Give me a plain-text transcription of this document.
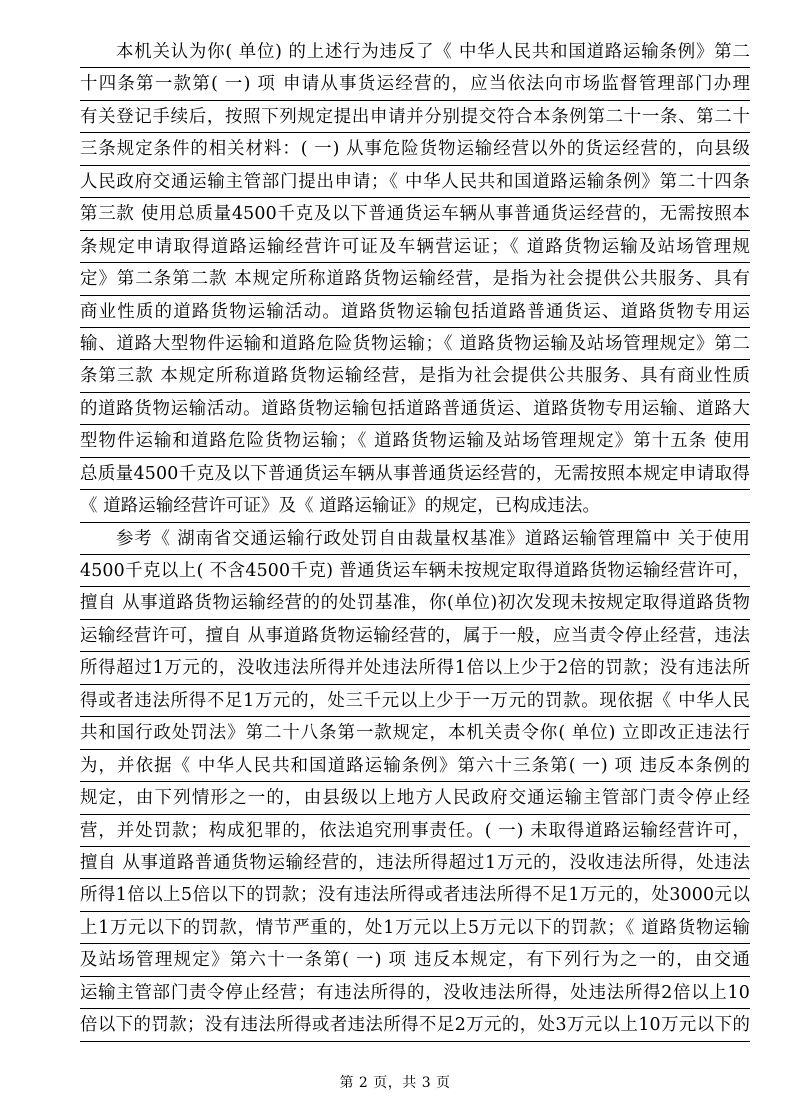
本机关认为你( 单位) 的上述行为违反了《 中华人民共和国道路运输条例》第二
十四条第一款第( 一) 项 申请从事货运经营的，应当依法向市场监督管理部门办理
有关登记手续后，按照下列规定提出申请并分别提交符合本条例第二十一条、第二十
三条规定条件的相关材料：( 一) 从事危险货物运输经营以外的货运经营的，向县级
人民政府交通运输主管部门提出申请；《 中华人民共和国道路运输条例》第二十四条
第三款 使用总质量4500千克及以下普通货运车辆从事普通货运经营的，无需按照本
条规定申请取得道路运输经营许可证及车辆营运证；《 道路货物运输及站场管理规
定》第二条第二款 本规定所称道路货物运输经营，是指为社会提供公共服务、具有
商业性质的道路货物运输活动。道路货物运输包括道路普通货运、道路货物专用运
输、道路大型物件运输和道路危险货物运输；《 道路货物运输及站场管理规定》第二
条第三款 本规定所称道路货物运输经营，是指为社会提供公共服务、具有商业性质
的道路货物运输活动。道路货物运输包括道路普通货运、道路货物专用运输、道路大
型物件运输和道路危险货物运输；《 道路货物运输及站场管理规定》第十五条 使用
总质量4500千克及以下普通货运车辆从事普通货运经营的，无需按照本规定申请取得
《 道路运输经营许可证》及《 道路运输证》的规定，已构成违法。
参考《 湖南省交通运输行政处罚自由裁量权基准》道路运输管理篇中 关于使用
4500千克以上( 不含4500千克) 普通货运车辆未按规定取得道路货物运输经营许可，
擅自 从事道路货物运输经营的的处罚基准，你(单位)初次发现未按规定取得道路货物
运输经营许可，擅自 从事道路货物运输经营的，属于一般，应当责令停止经营，违法
所得超过1万元的，没收违法所得并处违法所得1倍以上少于2倍的罚款；没有违法所
得或者违法所得不足1万元的，处三千元以上少于一万元的罚款。现依据《 中华人民
共和国行政处罚法》第二十八条第一款规定，本机关责令你( 单位) 立即改正违法行
为，并依据《 中华人民共和国道路运输条例》第六十三条第( 一) 项 违反本条例的
规定，由下列情形之一的，由县级以上地方人民政府交通运输主管部门责令停止经
营，并处罚款；构成犯罪的，依法追究刑事责任。( 一) 未取得道路运输经营许可，
擅自 从事道路普通货物运输经营的，违法所得超过1万元的，没收违法所得，处违法
所得1倍以上5倍以下的罚款；没有违法所得或者违法所得不足1万元的，处3000元以
上1万元以下的罚款，情节严重的，处1万元以上5万元以下的罚款；《 道路货物运输
及站场管理规定》第六十一条第( 一) 项 违反本规定，有下列行为之一的，由交通
运输主管部门责令停止经营；有违法所得的，没收违法所得，处违法所得2倍以上10
倍以下的罚款；没有违法所得或者违法所得不足2万元的，处3万元以上10万元以下的
第 2 页，共 3 页
